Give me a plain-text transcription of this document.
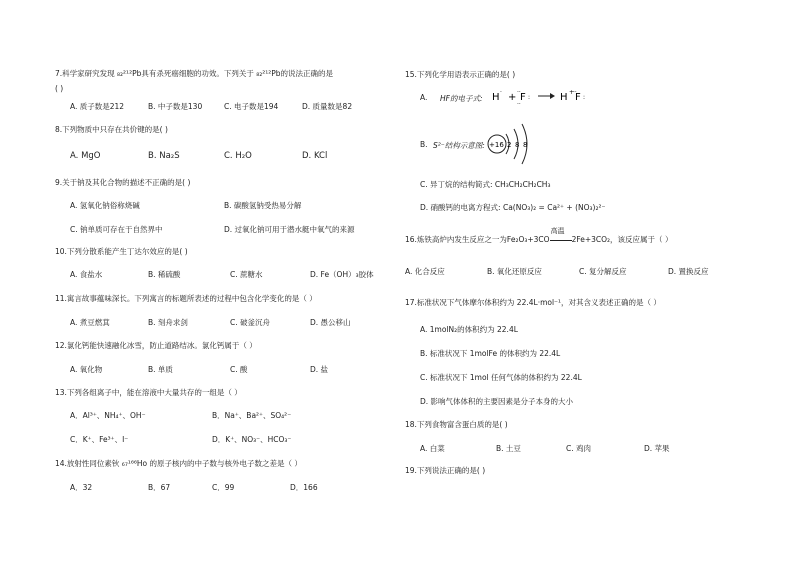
7.科学家研究发现 ₈₂²¹²Pb具有杀死癌细胞的功效。下列关于 ₈₂²¹²Pb的说法正确的是
( )
A. 质子数是212	B. 中子数是130	C. 电子数是194	D. 质量数是82
8.下列物质中只存在共价键的是( )
A. MgO	B. Na₂S	C. H₂O	D. KCl
9.关于钠及其化合物的描述不正确的是( )
A. 氢氧化钠俗称烧碱	B. 碳酸氢钠受热易分解
C. 钠单质可存在于自然界中	D. 过氧化钠可用于潜水艇中氧气的来源
10.下列分散系能产生丁达尔效应的是( )
A. 食盐水	B. 稀硫酸	C. 蔗糖水	D. Fe（OH）₃胶体
11.寓言故事蕴味深长。下列寓言的标题所表述的过程中包含化学变化的是（ ）
A. 煮豆燃萁	B. 刻舟求剑	C. 破釜沉舟	D. 愚公移山
12.氯化钙能快速融化冰雪，防止道路结冰。氯化钙属于（ ）
A. 氧化物	B. 单质	C. 酸	D. 盐
13.下列各组离子中，能在溶液中大量共存的一组是（ ）
A．Al³⁺、NH₄⁺、OH⁻	B．Na⁺、Ba²⁺、SO₄²⁻
C．K⁺、Fe³⁺、I⁻	D．K⁺、NO₃⁻、HCO₃⁻
14.放射性同位素钬 ₆₇¹⁶⁶Ho 的原子核内的中子数与核外电子数之差是（ ）
A．32	B．67	C．99	D．166
15.下列化学用语表示正确的是( )
A. HF的电子式: H · + F
··
··
:	H + F
··
:
B. S²⁻结构示意图: +16 2 8 8
C. 异丁烷的结构简式: CH₃CH₂CH₂CH₃
D. 硝酸钙的电离方程式: Ca(NO₃)₂ = Ca²⁺ + (NO₃)₂²⁻
16.炼铁高炉内发生反应之一为Fe₂O₃+3CO
高温
2Fe+3CO₂，该反应属于（ ）
A. 化合反应	B. 氧化还原反应	C. 复分解反应	D. 置换反应
17.标准状况下气体摩尔体积约为 22.4L·mol⁻¹，对其含义表述正确的是（ ）
A. 1molN₂的体积约为 22.4L
B. 标准状况下 1molFe 的体积约为 22.4L
C. 标准状况下 1mol 任何气体的体积约为 22.4L
D. 影响气体体积的主要因素是分子本身的大小
18.下列食物富含蛋白质的是( )
A. 白菜	B. 土豆	C. 鸡肉	D. 苹果
19.下列说法正确的是( )
